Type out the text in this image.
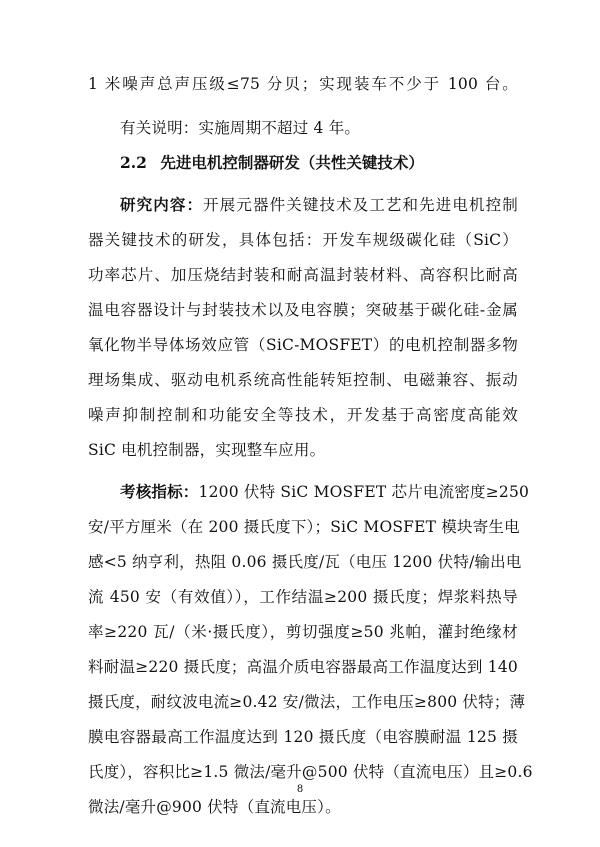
1 米噪声总声压级≤75 分贝；实现装车不少于 100 台。
有关说明：实施周期不超过 4 年。
2.2 先进电机控制器研发（共性关键技术）
研究内容：开展元器件关键技术及工艺和先进电机控制
器关键技术的研发，具体包括：开发车规级碳化硅（SiC）
功率芯片、加压烧结封装和耐高温封装材料、高容积比耐高
温电容器设计与封装技术以及电容膜；突破基于碳化硅-金属
氧化物半导体场效应管（SiC-MOSFET）的电机控制器多物
理场集成、驱动电机系统高性能转矩控制、电磁兼容、振动
噪声抑制控制和功能安全等技术，开发基于高密度高能效
SiC 电机控制器，实现整车应用。
考核指标：1200 伏特 SiC MOSFET 芯片电流密度≥250
安/平方厘米（在 200 摄氏度下）；SiC MOSFET 模块寄生电
感<5 纳亨利，热阻 0.06 摄氏度/瓦（电压 1200 伏特/输出电
流 450 安（有效值）），工作结温≥200 摄氏度；焊浆料热导
率≥220 瓦/（米·摄氏度），剪切强度≥50 兆帕，灌封绝缘材
料耐温≥220 摄氏度；高温介质电容器最高工作温度达到 140
摄氏度，耐纹波电流≥0.42 安/微法，工作电压≥800 伏特；薄
膜电容器最高工作温度达到 120 摄氏度（电容膜耐温 125 摄
氏度），容积比≥1.5 微法/毫升@500 伏特（直流电压）且≥0.6
微法/毫升@900 伏特（直流电压）。
8
